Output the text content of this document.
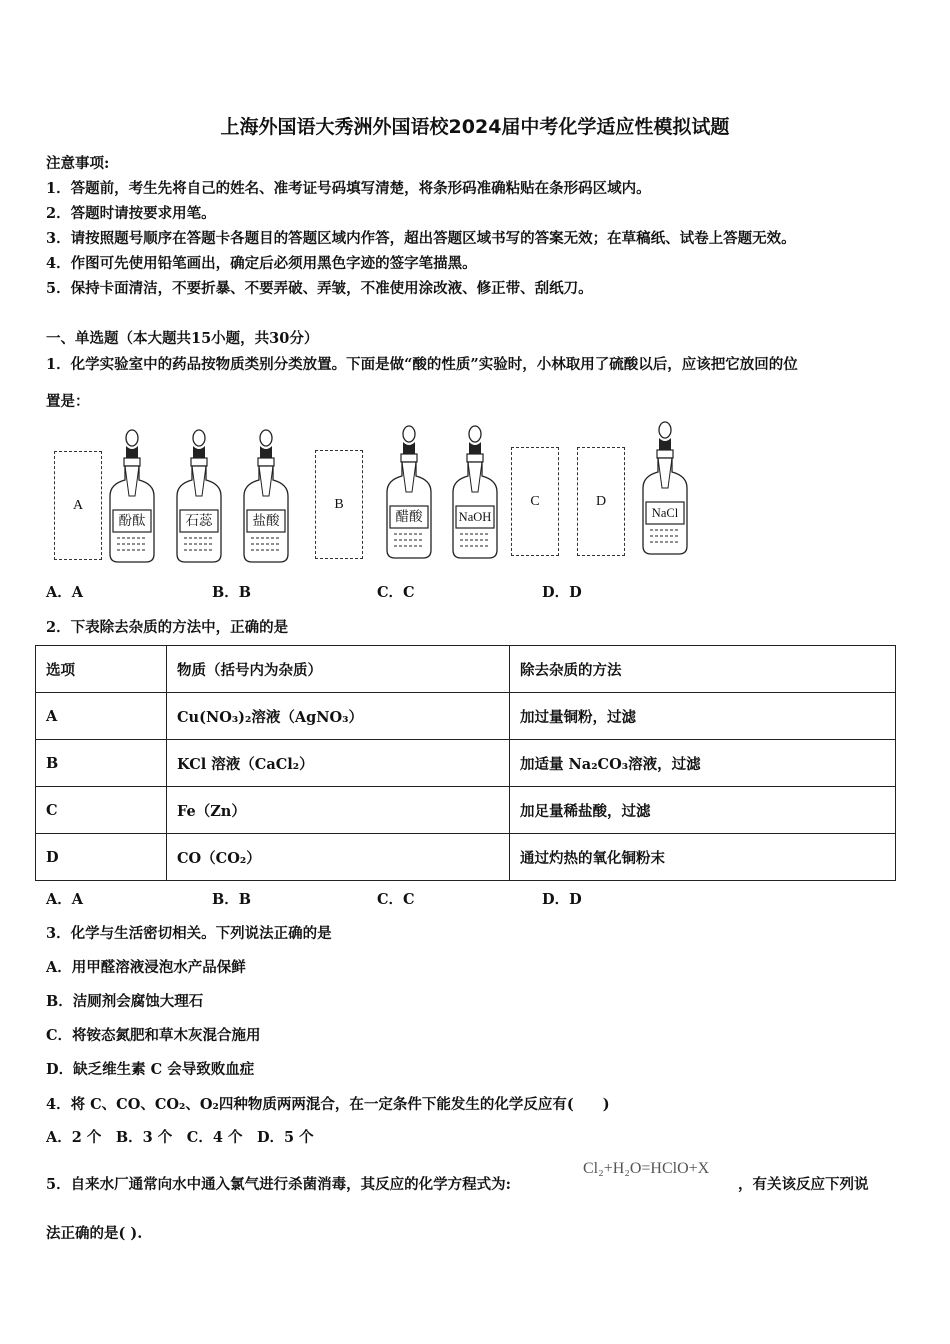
上海外国语大秀洲外国语校2024届中考化学适应性模拟试题
注意事项:
1．答题前，考生先将自己的姓名、准考证号码填写清楚，将条形码准确粘贴在条形码区域内。
2．答题时请按要求用笔。
3．请按照题号顺序在答题卡各题目的答题区域内作答，超出答题区域书写的答案无效；在草稿纸、试卷上答题无效。
4．作图可先使用铅笔画出，确定后必须用黑色字迹的签字笔描黑。
5．保持卡面清洁，不要折暴、不要弄破、弄皱，不准使用涂改液、修正带、刮纸刀。
一、单选题（本大题共15小题，共30分）
1．化学实验室中的药品按物质类别分类放置。下面是做“酸的性质”实验时，小林取用了硫酸以后，应该把它放回的位
置是：
A	B	C	D
酚酞	石蕊	盐酸	醋酸	NaOH	NaCl
A．A	B．B	C．C	D．D
2．下表除去杂质的方法中，正确的是
选项	物质（括号内为杂质）	除去杂质的方法
A	Cu(NO₃)₂溶液（AgNO₃）	加过量铜粉，过滤
B	KCl 溶液（CaCl₂）	加适量 Na₂CO₃溶液，过滤
C	Fe（Zn）	加足量稀盐酸，过滤
D	CO（CO₂）	通过灼热的氧化铜粉末
A．A	B．B	C．C	D．D
3．化学与生活密切相关。下列说法正确的是
A．用甲醛溶液浸泡水产品保鲜
B．洁厕剂会腐蚀大理石
C．将铵态氮肥和草木灰混合施用
D．缺乏维生素 C 会导致败血症
4．将 C、CO、CO₂、O₂四种物质两两混合，在一定条件下能发生的化学反应有(　　)
A．2 个　B．3 个　C．4 个　D．5 个
5．自来水厂通常向水中通入氯气进行杀菌消毒，其反应的化学方程式为:
Cl₂+H₂O=HClO+X
，有关该反应下列说
法正确的是( ).
